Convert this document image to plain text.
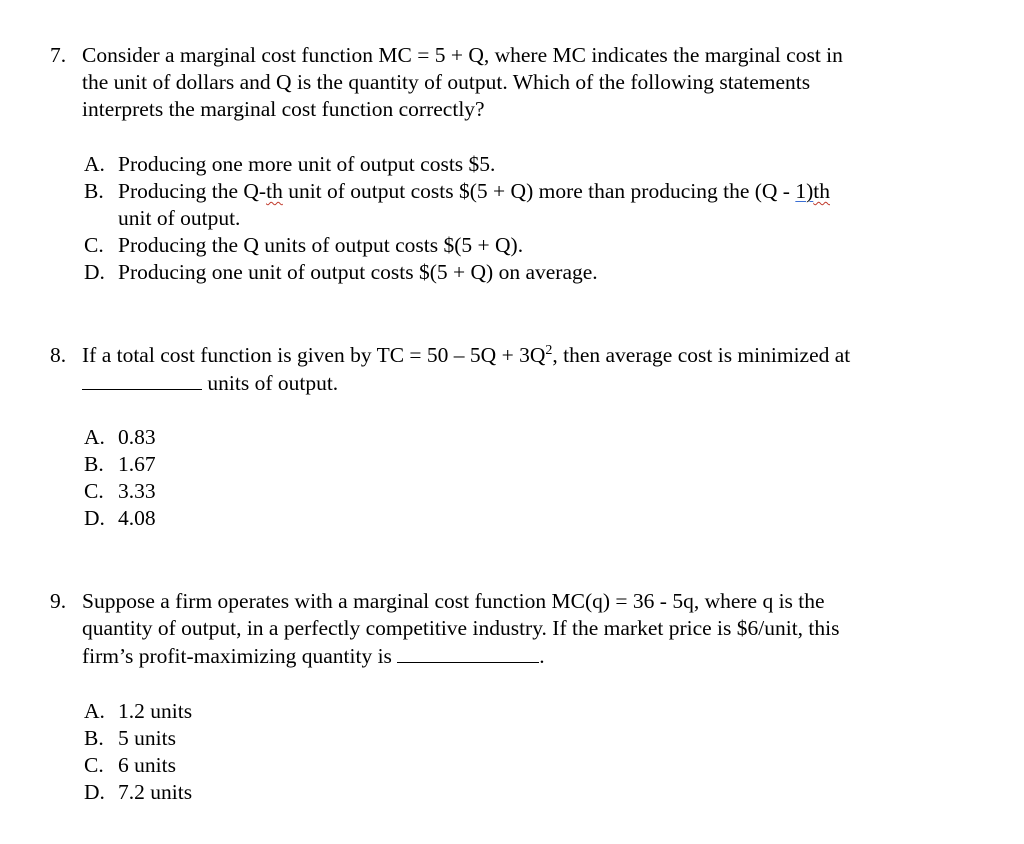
7. Consider a marginal cost function MC = 5 + Q, where MC indicates the marginal cost in
the unit of dollars and Q is the quantity of output. Which of the following statements
interprets the marginal cost function correctly?
A. Producing one more unit of output costs $5.
B. Producing the Q-th unit of output costs $(5 + Q) more than producing the (Q - 1)th
unit of output.
C. Producing the Q units of output costs $(5 + Q).
D. Producing one unit of output costs $(5 + Q) on average.
8. If a total cost function is given by TC = $50 - 5Q + 3Q^2$, then average cost is minimized at
units of output.
A. 0.83
B. 1.67
C. 3.33
D. 4.08
9. Suppose a firm operates with a marginal cost function MC(q) = 36 - 5q, where q is the
quantity of output, in a perfectly competitive industry. If the market price is $6/unit, this
firm’s profit-maximizing quantity is	.
A. 1.2 units
B. 5 units
C. 6 units
D. 7.2 units
